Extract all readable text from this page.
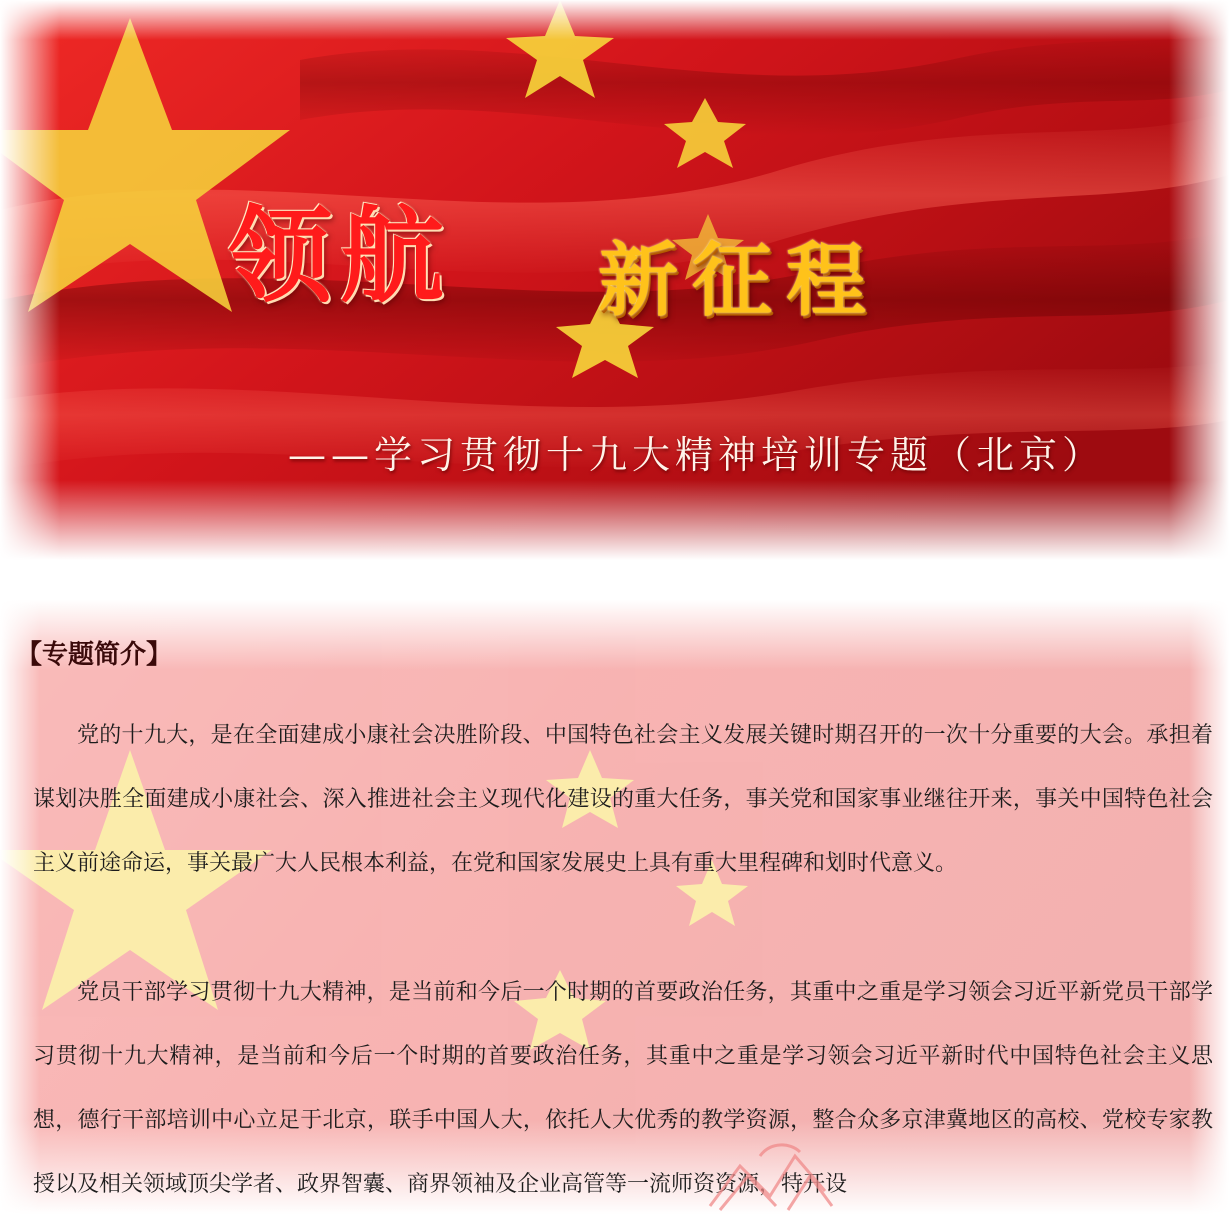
领航 新征程
——学习贯彻十九大精神培训专题（北京）
【专题简介】

党的十九大，是在全面建成小康社会决胜阶段、中国特色社会主义发展关键时期召开的一次十分重要的大会。承担着谋划决胜全面建成小康社会、深入推进社会主义现代化建设的重大任务，事关党和国家事业继往开来，事关中国特色社会主义前途命运，事关最广大人民根本利益，在党和国家发展史上具有重大里程碑和划时代意义。

党员干部学习贯彻十九大精神，是当前和今后一个时期的首要政治任务，其重中之重是学习领会习近平新党员干部学习贯彻十九大精神，是当前和今后一个时期的首要政治任务，其重中之重是学习领会习近平新时代中国特色社会主义思想，德行干部培训中心立足于北京，联手中国人大，依托人大优秀的教学资源，整合众多京津冀地区的高校、党校专家教授以及相关领域顶尖学者、政界智囊、商界领袖及企业高管等一流师资资源，特开设
